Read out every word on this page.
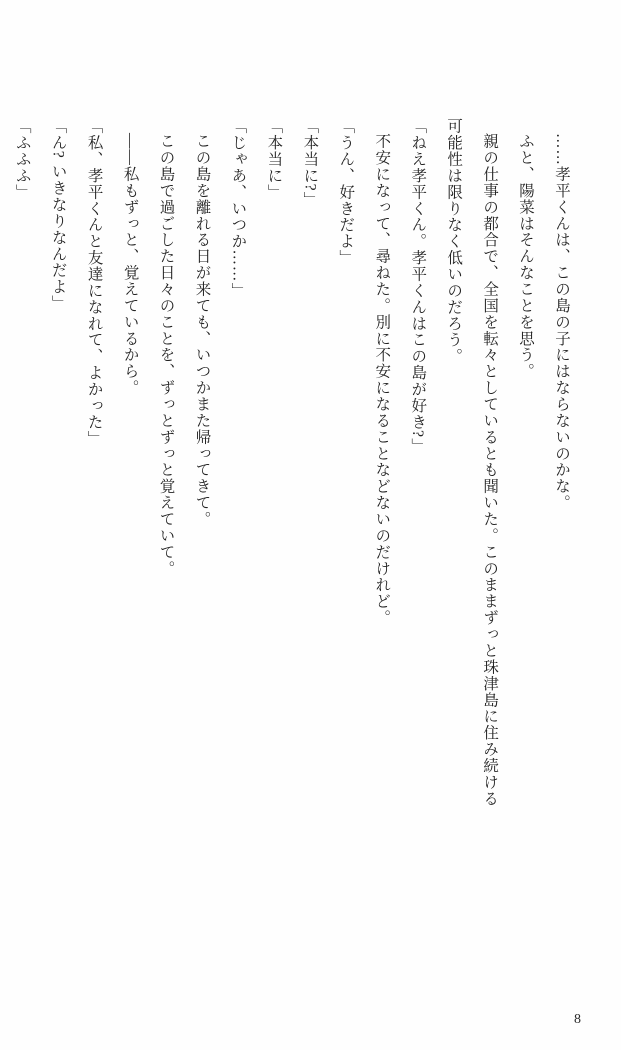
……孝平くんは、この島の子にはならないのかな。

ふと、陽菜はそんなことを思う。

親の仕事の都合で、全国を転々としているとも聞いた。このままずっと珠津島に住み続ける

可能性は限りなく低いのだろう。

「ねえ孝平くん。孝平くんはこの島が好き?」

不安になって、尋ねた。別に不安になることなどないのだけれど。

「うん、好きだよ」

「本当に?」

「本当に」

「じゃあ、いつか……」

この島を離れる日が来ても、いつかまた帰ってきて。

この島で過ごした日々のことを、ずっとずっと覚えていて。

――私もずっと、覚えているから。

「私、孝平くんと友達になれて、よかった」

「ん? いきなりなんだよ」

「ふふふ」

8
